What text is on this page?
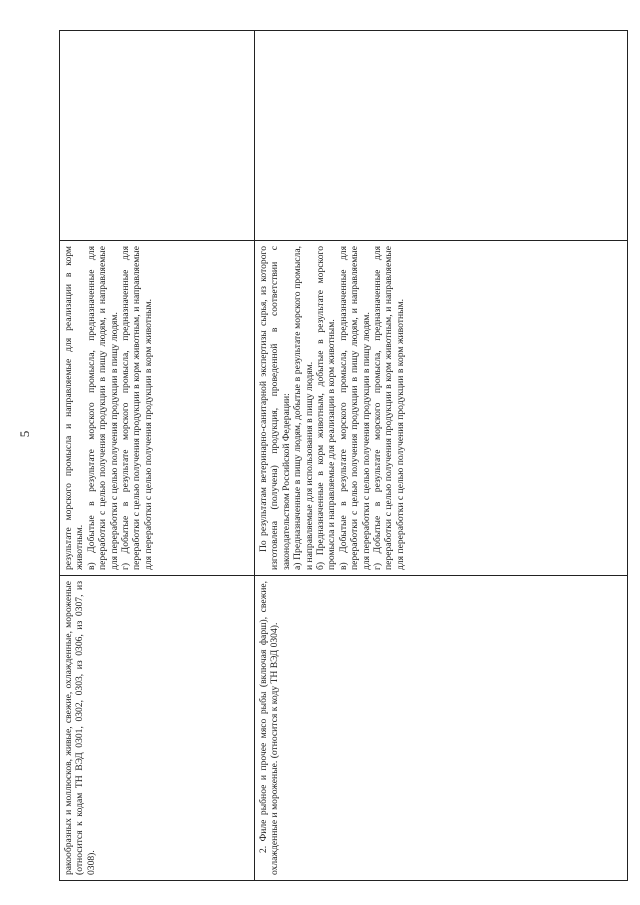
5
ракообразных и моллюсков, живые, свежие, охлажденные, мороженые (относится к кодам ТН ВЭД 0301, 0302, 0303, из 0306, из 0307, из 0308).	результате морского промысла и направляемые для реализации в корм животным. в) Добытые в результате морского промысла, предназначенные для переработки с целью получения продукции в пищу людям, и направляемые для переработки с целью получения продукции в пищу людям. г) Добытые в результате морского промысла, предназначенные для переработки с целью получения продукции в корм животным, и направляемые для переработки с целью получения продукции в корм животным.	

2. Филе рыбное и прочее мясо рыбы (включая фарш), свежие, охлажденные и мороженые. (относится к коду ТН ВЭД 0304).	По результатам ветеринарно-санитарной экспертизы сырья, из которого изготовлена (получена) продукция, проведенной в соответствии с законодательством Российской Федерации: а) Предназначенные в пищу людям, добытые в результате морского промысла, и направляемые для использования в пищу людям. б) Предназначенные в корм животным, добытые в результате морского промысла и направляемые для реализации в корм животным. в) Добытые в результате морского промысла, предназначенные для переработки с целью получения продукции в пищу людям, и направляемые для переработки с целью получения продукции в пищу людям. г) Добытые в результате морского промысла, предназначенные для переработки с целью получения продукции в корм животным, и направляемые для переработки с целью получения продукции в корм животным.	
